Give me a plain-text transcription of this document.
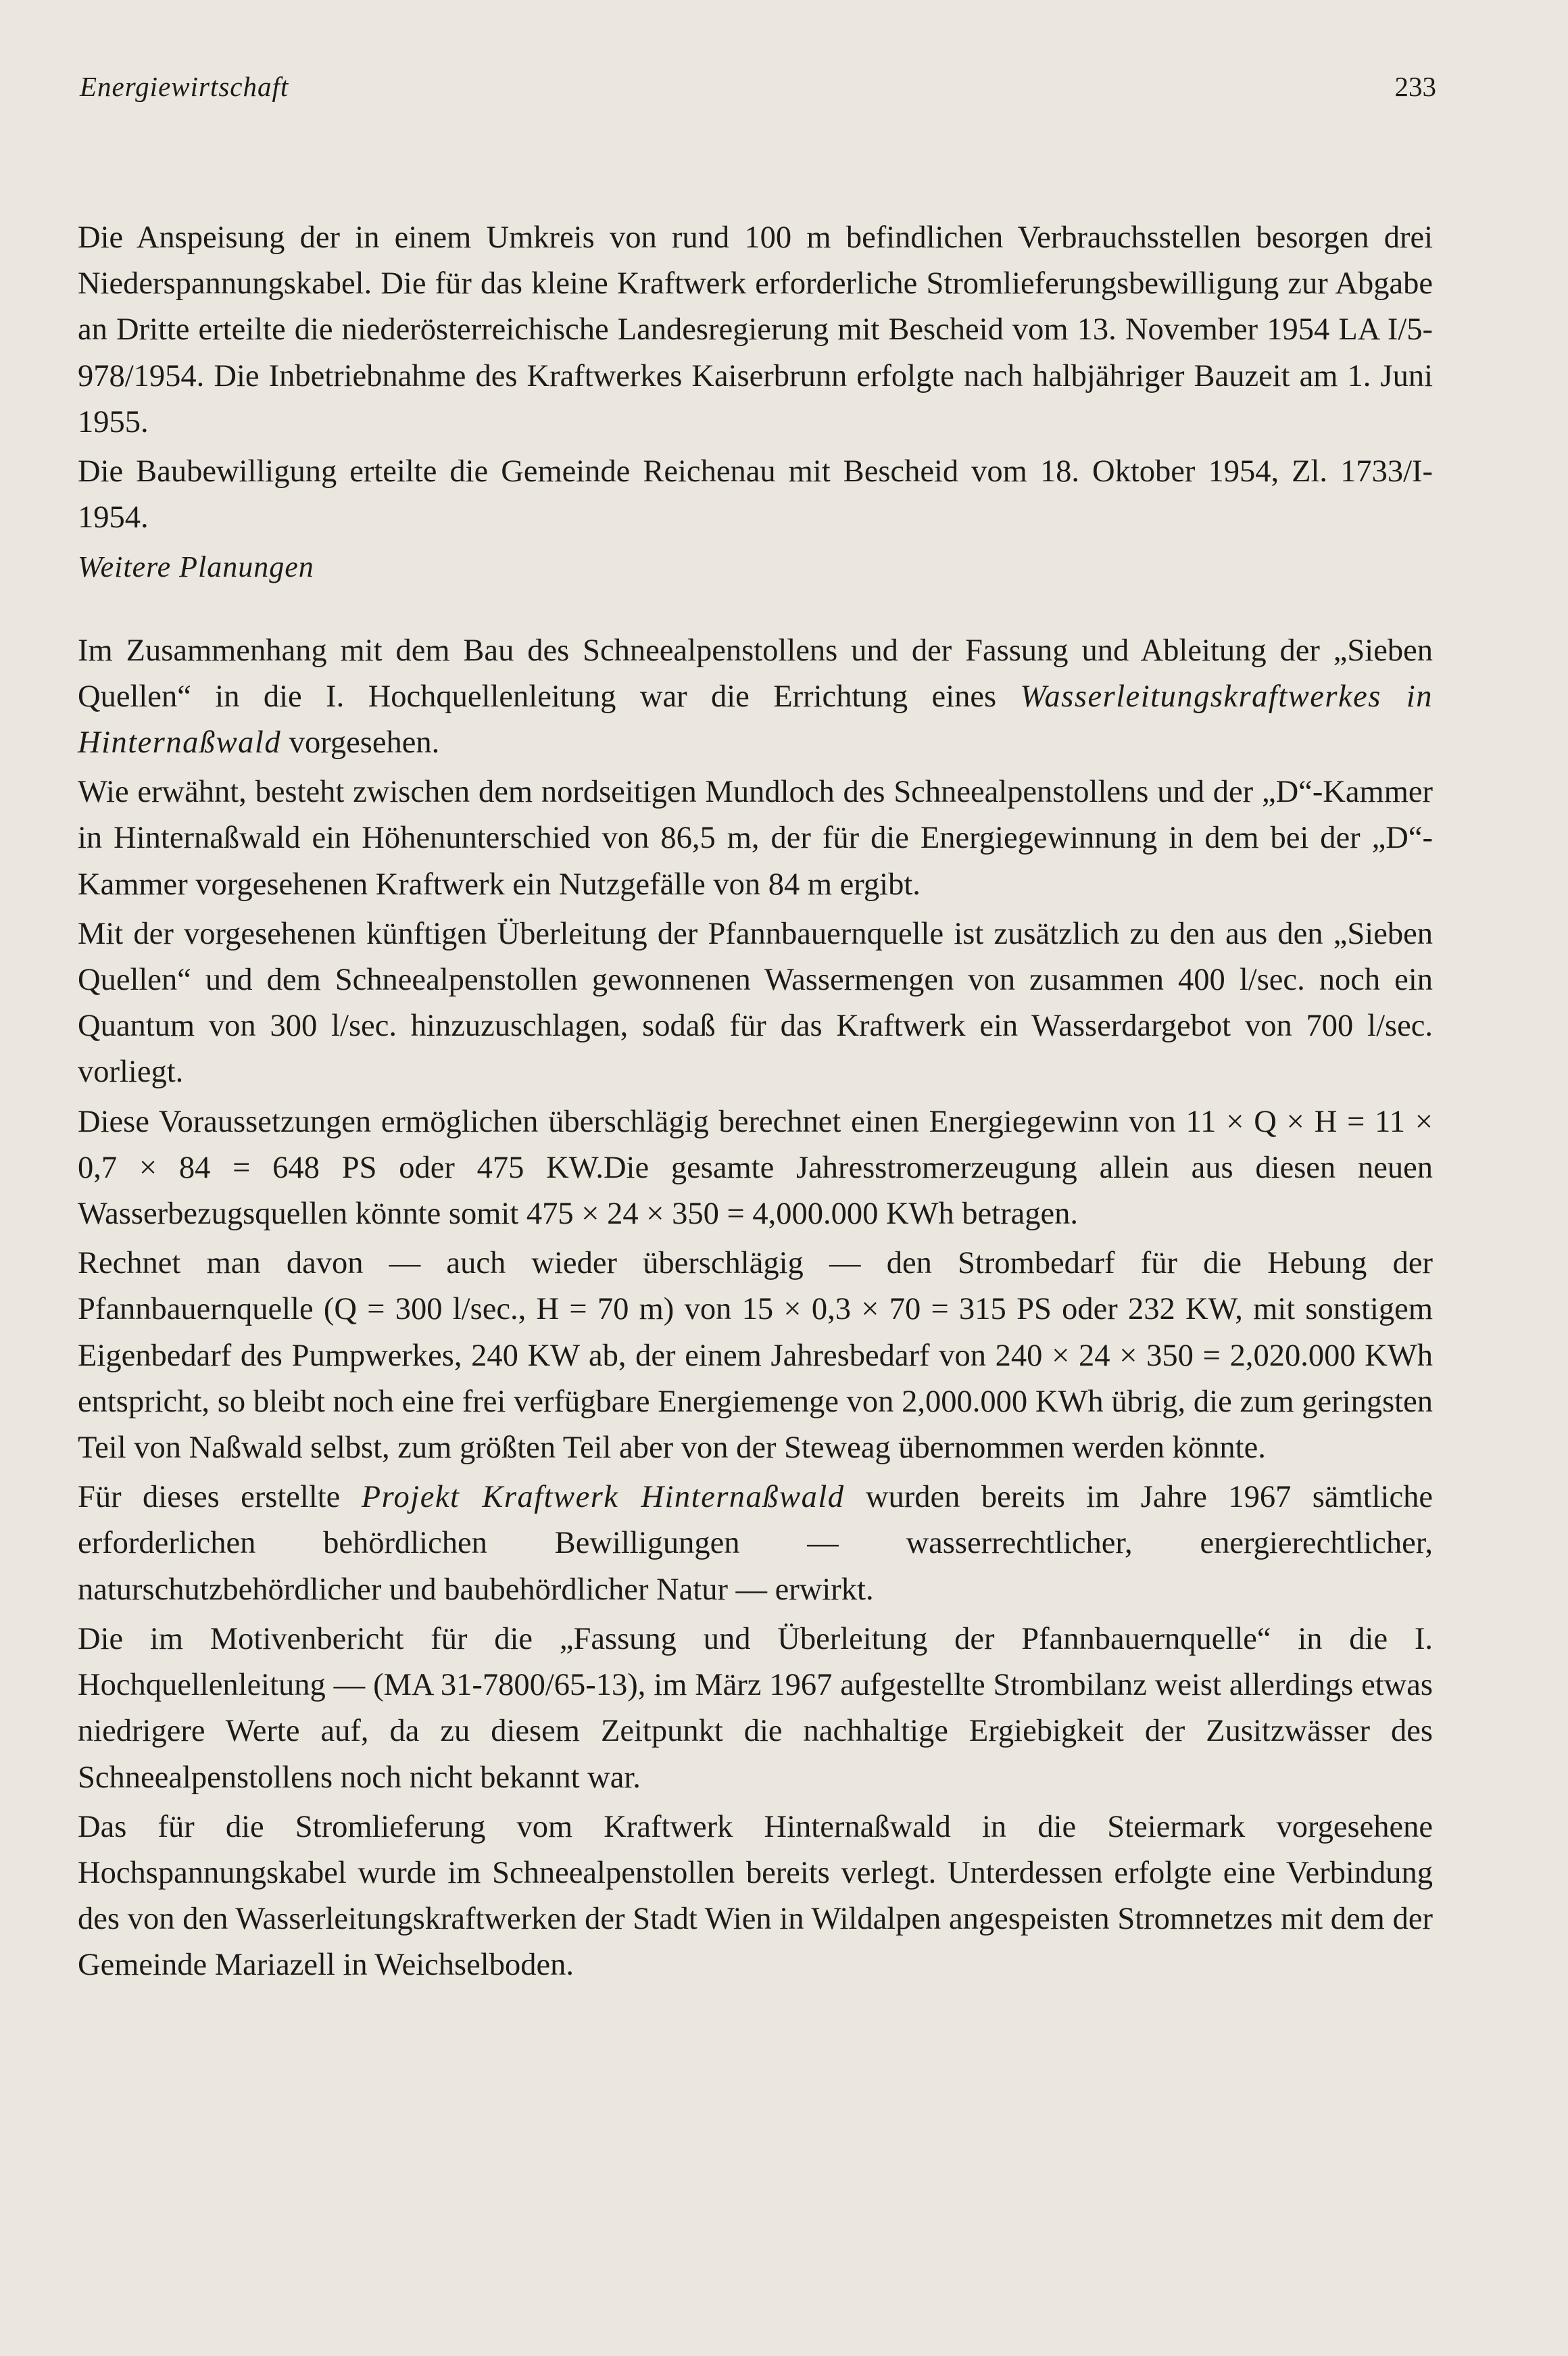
Energiewirtschaft	233

Die Anspeisung der in einem Umkreis von rund 100 m befindlichen Verbrauchsstellen besorgen drei Niederspannungskabel. Die für das kleine Kraftwerk erforderliche Stromlieferungsbewilligung zur Abgabe an Dritte erteilte die niederösterreichische Landesregierung mit Bescheid vom 13. November 1954 LA I/5-978/1954. Die Inbetriebnahme des Kraftwerkes Kaiserbrunn erfolgte nach halbjähriger Bauzeit am 1. Juni 1955.

Die Baubewilligung erteilte die Gemeinde Reichenau mit Bescheid vom 18. Oktober 1954, Zl. 1733/I-1954.

Weitere Planungen

Im Zusammenhang mit dem Bau des Schneealpenstollens und der Fassung und Ableitung der „Sieben Quellen“ in die I. Hochquellenleitung war die Errichtung eines Wasserleitungskraftwerkes in Hinternaßwald vorgesehen.

Wie erwähnt, besteht zwischen dem nordseitigen Mundloch des Schneealpenstollens und der „D“-Kammer in Hinternaßwald ein Höhenunterschied von 86,5 m, der für die Energiegewinnung in dem bei der „D“-Kammer vorgesehenen Kraftwerk ein Nutzgefälle von 84 m ergibt.

Mit der vorgesehenen künftigen Überleitung der Pfannbauernquelle ist zusätzlich zu den aus den „Sieben Quellen“ und dem Schneealpenstollen gewonnenen Wassermengen von zusammen 400 l/sec. noch ein Quantum von 300 l/sec. hinzuzuschlagen, sodaß für das Kraftwerk ein Wasserdargebot von 700 l/sec. vorliegt.

Diese Voraussetzungen ermöglichen überschlägig berechnet einen Energiegewinn von 11 × Q × H = 11 × 0,7 × 84 = 648 PS oder 475 KW.Die gesamte Jahresstromerzeugung allein aus diesen neuen Wasserbezugsquellen könnte somit 475 × 24 × 350 = 4,000.000 KWh betragen.

Rechnet man davon — auch wieder überschlägig — den Strombedarf für die Hebung der Pfannbauernquelle (Q = 300 l/sec., H = 70 m) von 15 × 0,3 × 70 = 315 PS oder 232 KW, mit sonstigem Eigenbedarf des Pumpwerkes, 240 KW ab, der einem Jahresbedarf von 240 × 24 × 350 = 2,020.000 KWh entspricht, so bleibt noch eine frei verfügbare Energiemenge von 2,000.000 KWh übrig, die zum geringsten Teil von Naßwald selbst, zum größten Teil aber von der Steweag übernommen werden könnte.

Für dieses erstellte Projekt Kraftwerk Hinternaßwald wurden bereits im Jahre 1967 sämtliche erforderlichen behördlichen Bewilligungen — wasserrechtlicher, energierechtlicher, naturschutzbehördlicher und baubehördlicher Natur — erwirkt.

Die im Motivenbericht für die „Fassung und Überleitung der Pfannbauernquelle“ in die I. Hochquellenleitung — (MA 31-7800/65-13), im März 1967 aufgestellte Strombilanz weist allerdings etwas niedrigere Werte auf, da zu diesem Zeitpunkt die nachhaltige Ergiebigkeit der Zusitzwässer des Schneealpenstollens noch nicht bekannt war.

Das für die Stromlieferung vom Kraftwerk Hinternaßwald in die Steiermark vorgesehene Hochspannungskabel wurde im Schneealpenstollen bereits verlegt. Unterdessen erfolgte eine Verbindung des von den Wasserleitungskraftwerken der Stadt Wien in Wildalpen angespeisten Stromnetzes mit dem der Gemeinde Mariazell in Weichselboden.
